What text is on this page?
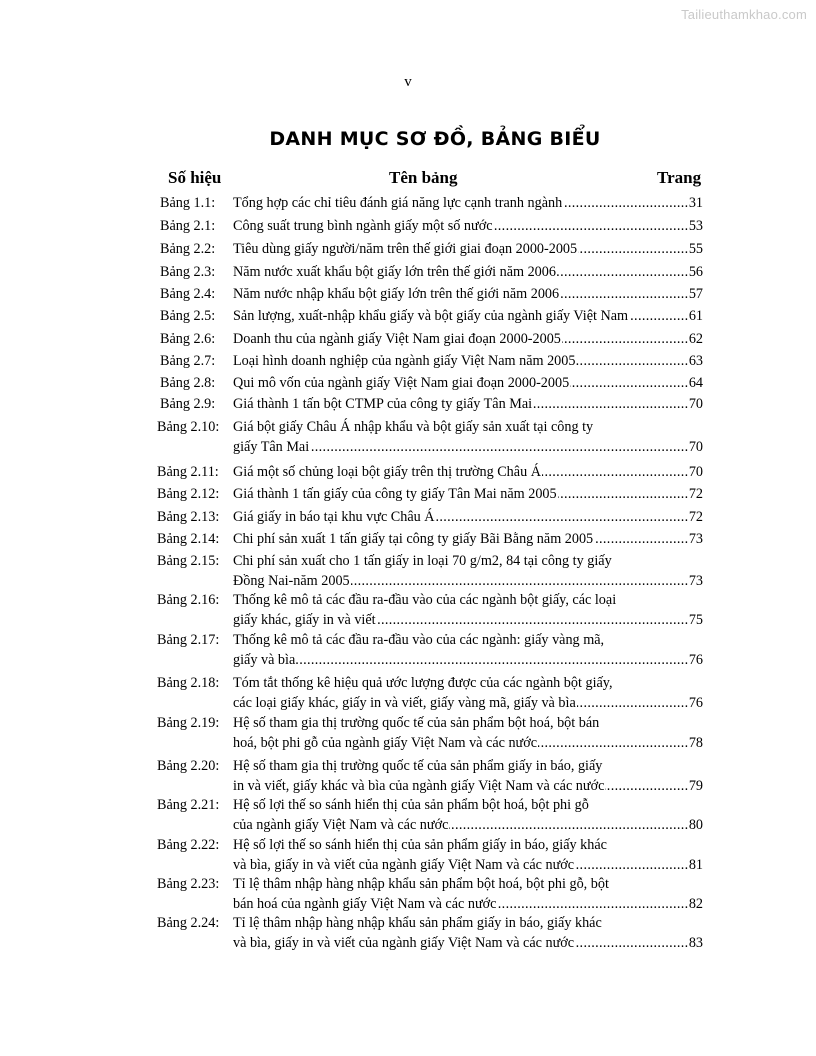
Tailieuthamkhao.com
v
DANH MỤC SƠ ĐỒ, BẢNG BIỂU
Số hiệu	Tên bảng	Trang
Bảng 1.1: Tổng hợp các chỉ tiêu đánh giá năng lực cạnh tranh ngành	31
. . .
Bảng 2.1: Công suất trung bình ngành giấy một số nước	53
. . .
Bảng 2.2: Tiêu dùng giấy người/năm trên thế giới giai đoạn 2000-2005	55
. . .
Bảng 2.3: Năm nước xuất khẩu bột giấy lớn trên thế giới năm 2006	56
. . .
Bảng 2.4: Năm nước nhập khẩu bột giấy lớn trên thế giới năm 2006	57
. . .
Bảng 2.5: Sản lượng, xuất-nhập khẩu giấy và bột giấy của ngành giấy Việt Nam	61
. . .
Bảng 2.6: Doanh thu của ngành giấy Việt Nam giai đoạn 2000-2005	62
. . .
Bảng 2.7: Loại hình doanh nghiệp của ngành giấy Việt Nam năm 2005	63
. . .
Bảng 2.8: Qui mô vốn của ngành giấy Việt Nam giai đoạn 2000-2005	64
. . .
Bảng 2.9: Giá thành 1 tấn bột CTMP của công ty giấy Tân Mai	70
. . .
Bảng 2.10: Giá bột giấy Châu Á nhập khẩu và bột giấy sản xuất tại công ty
giấy Tân Mai	70
. . .
Bảng 2.11: Giá một số chủng loại bột giấy trên thị trường Châu Á	70
. . .
Bảng 2.12: Giá thành 1 tấn giấy của công ty giấy Tân Mai năm 2005	72
. . .
Bảng 2.13: Giá giấy in báo tại khu vực Châu Á	72
. . .
Bảng 2.14: Chi phí sản xuất 1 tấn giấy tại công ty giấy Bãi Bằng năm 2005	73
. . .
Bảng 2.15: Chi phí sản xuất cho 1 tấn giấy in loại 70 g/m2, 84 tại công ty giấy
Đồng Nai-năm 2005	73
. . .
Bảng 2.16: Thống kê mô tả các đầu ra-đầu vào của các ngành bột giấy, các loại
giấy khác, giấy in và viết	75
. . .
Bảng 2.17: Thống kê mô tả các đầu ra-đầu vào của các ngành: giấy vàng mã,
giấy và bìa	76
. . .
Bảng 2.18: Tóm tắt thống kê hiệu quả ước lượng được của các ngành bột giấy,
các loại giấy khác, giấy in và viết, giấy vàng mã, giấy và bìa	76
. . .
Bảng 2.19: Hệ số tham gia thị trường quốc tế của sản phẩm bột hoá, bột bán
hoá, bột phi gỗ của ngành giấy Việt Nam và các nước	78
. . .
Bảng 2.20: Hệ số tham gia thị trường quốc tế của sản phẩm giấy in báo, giấy
in và viết, giấy khác và bìa của ngành giấy Việt Nam và các nước	79
. . .
Bảng 2.21: Hệ số lợi thế so sánh hiển thị của sản phẩm bột hoá, bột phi gỗ
của ngành giấy Việt Nam và các nước	80
. . .
Bảng 2.22: Hệ số lợi thế so sánh hiển thị của sản phẩm giấy in báo, giấy khác
và bìa, giấy in và viết của ngành giấy Việt Nam và các nước	81
. . .
Bảng 2.23: Tỉ lệ thâm nhập hàng nhập khẩu sản phẩm bột hoá, bột phi gỗ, bột
bán hoá của ngành giấy Việt Nam và các nước	82
. . .
Bảng 2.24: Tỉ lệ thâm nhập hàng nhập khẩu sản phẩm giấy in báo, giấy khác
và bìa, giấy in và viết của ngành giấy Việt Nam và các nước	83
. . .
